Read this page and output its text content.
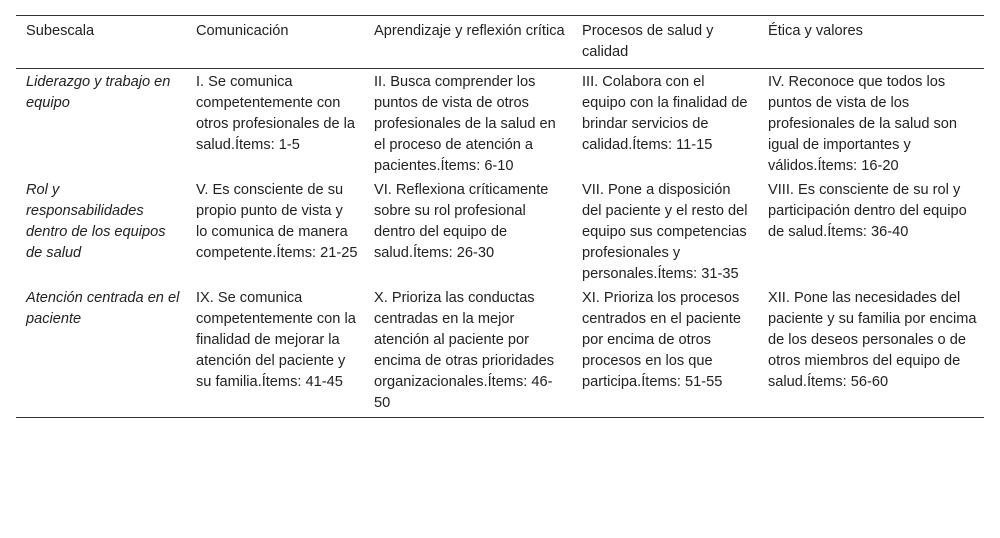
Subescala	Comunicación	Aprendizaje y reflexión crítica	Procesos de salud y calidad	Ética y valores
Liderazgo y trabajo en equipo	I. Se comunica competentemente con otros profesionales de la salud.Ítems: 1-5	II. Busca comprender los puntos de vista de otros profesionales de la salud en el proceso de atención a pacientes.Ítems: 6-10	III. Colabora con el equipo con la finalidad de brindar servicios de calidad.Ítems: 11-15	IV. Reconoce que todos los puntos de vista de los profesionales de la salud son igual de importantes y válidos.Ítems: 16-20
Rol y responsabilidades dentro de los equipos de salud	V. Es consciente de su propio punto de vista y lo comunica de manera competente.Ítems: 21-25	VI. Reflexiona críticamente sobre su rol profesional dentro del equipo de salud.Ítems: 26-30	VII. Pone a disposición del paciente y el resto del equipo sus competencias profesionales y personales.Ítems: 31-35	VIII. Es consciente de su rol y participación dentro del equipo de salud.Ítems: 36-40
Atención centrada en el paciente	IX. Se comunica competentemente con la finalidad de mejorar la atención del paciente y su familia.Ítems: 41-45	X. Prioriza las conductas centradas en la mejor atención al paciente por encima de otras prioridades organizacionales.Ítems: 46-50	XI. Prioriza los procesos centrados en el paciente por encima de otros procesos en los que participa.Ítems: 51-55	XII. Pone las necesidades del paciente y su familia por encima de los deseos personales o de otros miembros del equipo de salud.Ítems: 56-60
